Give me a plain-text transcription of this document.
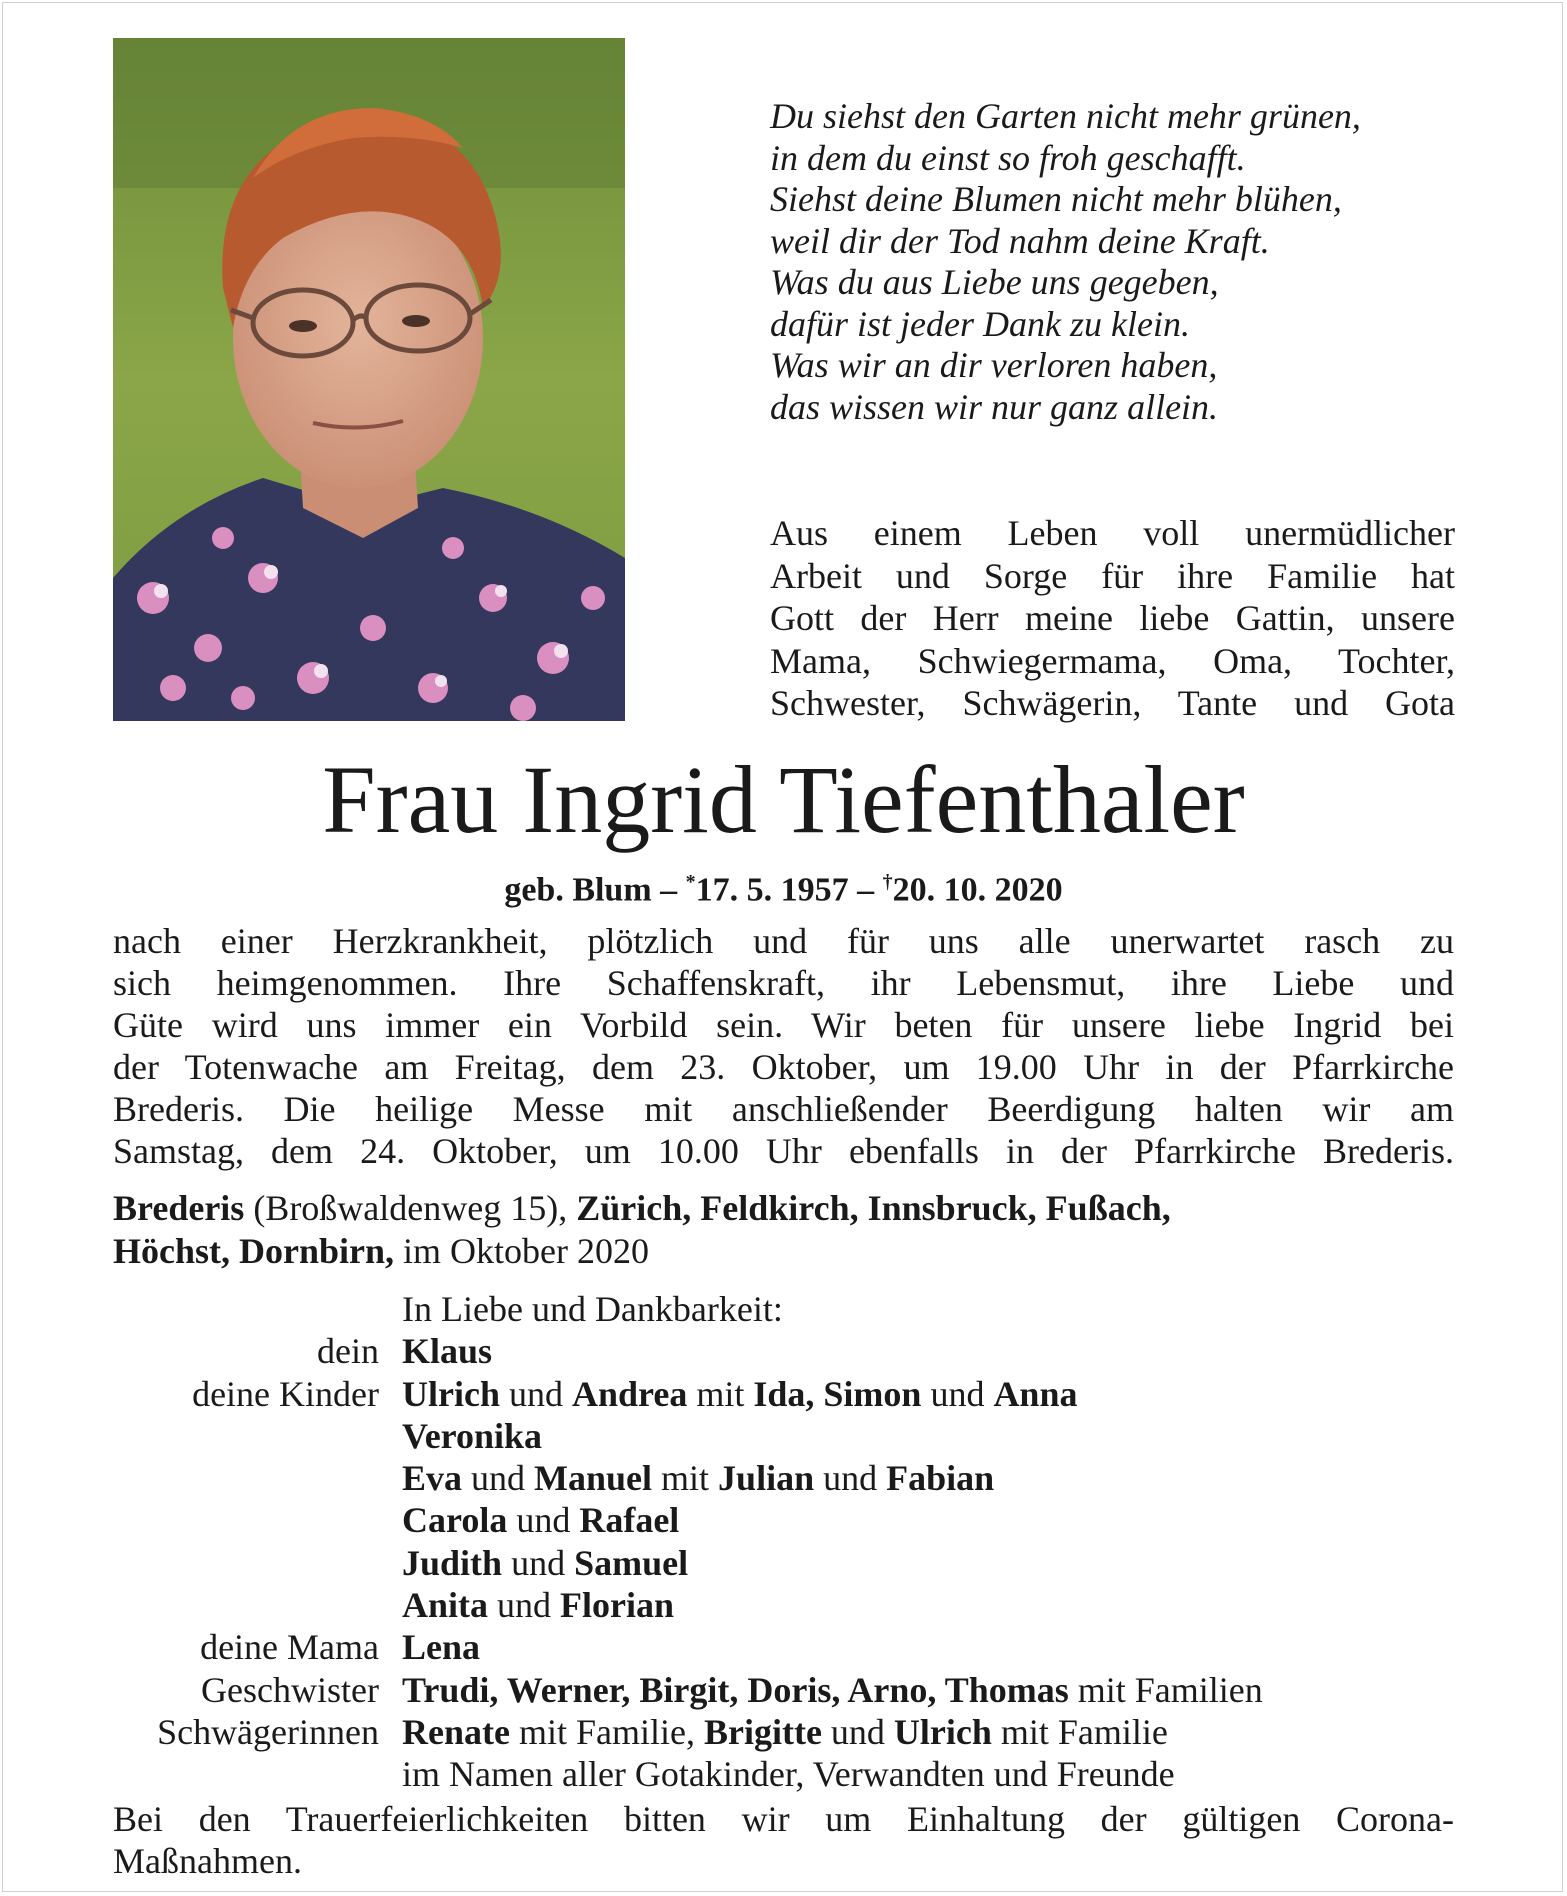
Du siehst den Garten nicht mehr grünen,
in dem du einst so froh geschafft.
Siehst deine Blumen nicht mehr blühen,
weil dir der Tod nahm deine Kraft.
Was du aus Liebe uns gegeben,
dafür ist jeder Dank zu klein.
Was wir an dir verloren haben,
das wissen wir nur ganz allein.
Aus einem Leben voll unermüdlicher
Arbeit und Sorge für ihre Familie hat
Gott der Herr meine liebe Gattin, unsere
Mama, Schwiegermama, Oma, Tochter,
Schwester, Schwägerin, Tante und Gota
Frau Ingrid Tiefenthaler
geb. Blum – *17. 5. 1957 – †20. 10. 2020
nach einer Herzkrankheit, plötzlich und für uns alle unerwartet rasch zu
sich heimgenommen. Ihre Schaffenskraft, ihr Lebensmut, ihre Liebe und
Güte wird uns immer ein Vorbild sein. Wir beten für unsere liebe Ingrid bei
der Totenwache am Freitag, dem 23. Oktober, um 19.00 Uhr in der Pfarrkirche
Brederis. Die heilige Messe mit anschließender Beerdigung halten wir am
Samstag, dem 24. Oktober, um 10.00 Uhr ebenfalls in der Pfarrkirche Brederis.
Brederis (Broßwaldenweg 15), Zürich, Feldkirch, Innsbruck, Fußach,
Höchst, Dornbirn, im Oktober 2020
In Liebe und Dankbarkeit:
dein Klaus
deine Kinder Ulrich und Andrea mit Ida, Simon und Anna
Veronika
Eva und Manuel mit Julian und Fabian
Carola und Rafael
Judith und Samuel
Anita und Florian
deine Mama Lena
Geschwister Trudi, Werner, Birgit, Doris, Arno, Thomas mit Familien
Schwägerinnen Renate mit Familie, Brigitte und Ulrich mit Familie
im Namen aller Gotakinder, Verwandten und Freunde
Bei den Trauerfeierlichkeiten bitten wir um Einhaltung der gültigen Corona-
Maßnahmen.
